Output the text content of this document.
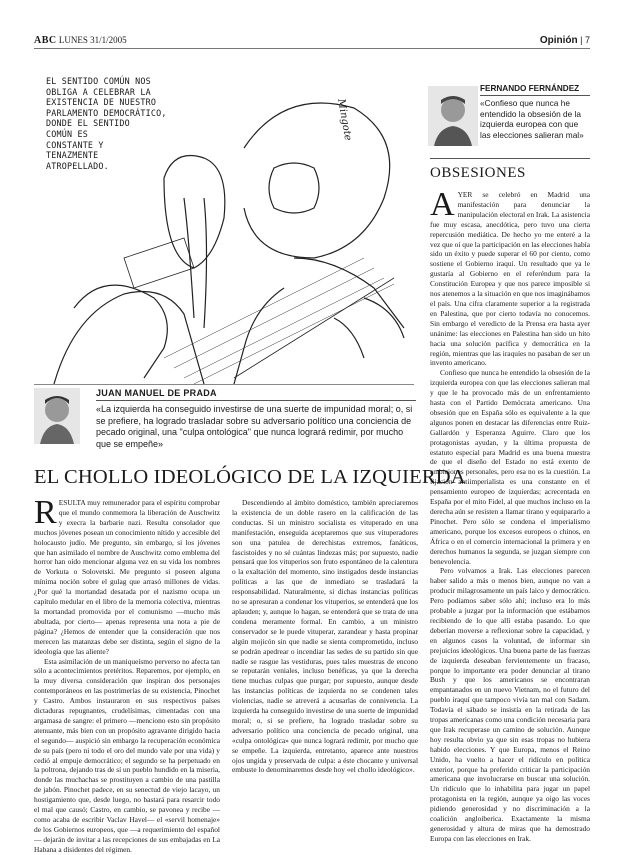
ABC LUNES 31/1/2005	Opinión | 7
EL SENTIDO COMÚN NOS
OBLIGA A CELEBRAR LA
EXISTENCIA DE NUESTRO
PARLAMENTO DEMOCRÁTICO,
DONDE EL SENTIDO
COMÚN ES
CONSTANTE Y
TENAZMENTE
ATROPELLADO.
Mingote
JUAN MANUEL DE PRADA
«La izquierda ha conseguido investirse de una suerte de impunidad moral; o, si se prefiere, ha logrado trasladar sobre su adversario político una conciencia de pecado original, una "culpa ontológica" que nunca logrará redimir, por mucho que se empeñe»
EL CHOLLO IDEOLÓGICO DE LA IZQUIERDA

RESULTA muy remunerador para el espíritu comprobar que el mundo conmemora la liberación de Auschwitz y execra la barbarie nazi. Resulta consolador que muchos jóvenes posean un conocimiento nítido y accesible del holocausto judío. Me pregunto, sin embargo, si los jóvenes que han asimilado el nombre de Auschwitz como emblema del horror han oído mencionar alguna vez en su vida los nombres de Vorkuta o Solovetski. Me pregunto si poseen alguna mínima noción sobre el gulag que arrasó millones de vidas. ¿Por qué la mortandad desatada por el nazismo ocupa un capítulo medular en el libro de la memoria colectiva, mientras la mortandad promovida por el comunismo —mucho más abultada, por cierto— apenas representa una nota a pie de página? ¿Hemos de entender que la consideración que nos merecen las matanzas debe ser distinta, según el signo de la ideología que las aliente?

Esta asimilación de un maniqueísmo perverso no afecta tan sólo a acontecimientos pretéritos. Reparemos, por ejemplo, en la muy diversa consideración que inspiran dos personajes contemporáneos en las postrimerías de su existencia, Pinochet y Castro. Ambos instauraron en sus respectivos países dictaduras repugnantes, crudelísimas, cimentadas con una argamasa de sangre: el primero —menciono esto sin propósito atenuante, más bien con un propósito agravante dirigido hacia el segundo— auspició sin embargo la recuperación económica de su país (pero ni todo el oro del mundo vale por una vida) y cedió al empuje democrático; el segundo se ha perpetuado en la poltrona, dejando tras de sí un pueblo hundido en la miseria, donde las muchachas se prostituyen a cambio de una pastilla de jabón. Pinochet padece, en su senectud de viejo lacayo, un hostigamiento que, desde luego, no bastará para resarcir todo el mal que causó; Castro, en cambio, se pavonea y recibe —como acaba de escribir Vaclav Havel— el «servil homenaje» de los Gobiernos europeos, que —a requerimiento del español— dejarán de invitar a las recepciones de sus embajadas en La Habana a disidentes del régimen.

Descendiendo al ámbito doméstico, también apreciaremos la existencia de un doble rasero en la calificación de las conductas. Si un ministro socialista es vituperado en una manifestación, enseguida aceptaremos que sus vituperadores son una patulea de derechistas extremos, fanáticos, fascistoides y no sé cuántas lindezas más; por supuesto, nadie pensará que los vituperios son fruto espontáneo de la calentura o la exaltación del momento, sino instigados desde instancias políticas a las que de inmediato se trasladará la responsabilidad. Naturalmente, si dichas instancias políticas no se apresuran a condenar los vituperios, se entenderá que los aplauden; y, aunque lo hagan, se entenderá que se trata de una condena meramente formal. En cambio, a un ministro conservador se le puede vituperar, zarandear y hasta propinar algún mojicón sin que nadie se sienta comprometido, incluso se podrán apedrear o incendiar las sedes de su partido sin que nadie se rasgue las vestiduras, pues tales muestras de encono se reputarán veniales, incluso benéficas, ya que la derecha tiene muchas culpas que purgar; por supuesto, aunque desde las instancias políticas de izquierda no se condenen tales violencias, nadie se atreverá a acusarlas de connivencia. La izquierda ha conseguido investirse de una suerte de impunidad moral; o, si se prefiere, ha logrado trasladar sobre su adversario político una conciencia de pecado original, una «culpa ontológica» que nunca logrará redimir, por mucho que se empeñe. La izquierda, entretanto, aparece ante nuestros ojos ungida y preservada de culpa: a éste chocante y universal embuste lo denominaremos desde hoy «el chollo ideológico».

FERNANDO FERNÁNDEZ
«Confieso que nunca he entendido la obsesión de la izquierda europea con que las elecciones salieran mal»
OBSESIONES

AYER se celebró en Madrid una manifestación para denunciar la manipulación electoral en Irak. La asistencia fue muy escasa, anecdótica, pero tuvo una cierta repercusión mediática. De hecho yo me enteré a la vez que oí que la participación en las elecciones había sido un éxito y puede superar el 60 por ciento, como sostiene el Gobierno iraquí. Un resultado que ya le gustaría al Gobierno en el referéndum para la Constitución Europea y que nos parece imposible si nos atenemos a la situación en que nos imaginábamos el país. Una cifra claramente superior a la registrada en Palestina, que por cierto todavía no conocemos. Sin embargo el veredicto de la Prensa era hasta ayer unánime: las elecciones en Palestina han sido un hito hacia una solución pacífica y democrática en la región, mientras que las iraquíes no pasaban de ser un invento americano.

Confieso que nunca he entendido la obsesión de la izquierda europea con que las elecciones salieran mal y que le ha provocado más de un enfrentamiento hasta con el Partido Demócrata americano. Una obsesión que en España sólo es equivalente a la que algunos ponen en destacar las diferencias entre Ruiz-Gallardón y Esperanza Aguirre. Claro que los protagonistas ayudan, y la última propuesta de estatuto especial para Madrid es una buena muestra de que el diseño del Estado no está exento de ambiciones personales, pero esa no es la cuestión. La fijación antiimperialista es una constante en el pensamiento europeo de izquierdas; acrecentada en España por el mito Fidel, al que muchos incluso en la derecha aún se resisten a llamar tirano y equipararlo a Pinochet. Pero sólo se condena el imperialismo americano, porque los excesos europeos o chinos, en África o en el comercio internacional la primera y en derechos humanos la segunda, se juzgan siempre con benevolencia.

Pero volvamos a Irak. Las elecciones parecen haber salido a más o menos bien, aunque no van a producir milagrosamente un país laico y democrático. Pero podíamos saber sólo ahí; incluso era lo más probable a juzgar por la información que estábamos recibiendo de lo que allí estaba pasando. Lo que deberían moverse a reflexionar sobre la capacidad, y en algunos casos la voluntad, de informar sin prejuicios ideológicos. Una buena parte de las fuerzas de izquierda deseaban fervientemente un fracaso, porque lo importante era poder denunciar al tirano Bush y que los americanos se encontraran empantanados en un nuevo Vietnam, no el futuro del pueblo iraquí que tampoco vivía tan mal con Sadam. Todavía el sábado se insistía en la retirada de las tropas americanas como una condición necesaria para que Irak recuperase un camino de solución. Aunque hoy resulta obvio ya que sin esas tropas no hubiera habido elecciones. Y que Europa, menos el Reino Unido, ha vuelto a hacer el ridículo en política exterior, porque ha preferido criticar la participación americana que involucrarse en buscar una solución. Un ridículo que lo inhabilita para jugar un papel protagonista en la región, aunque ya oigo las voces pidiendo generosidad y no discriminación a la coalición angloiberica. Exactamente la misma generosidad y altura de miras que ha demostrado Europa con las elecciones en Irak.
